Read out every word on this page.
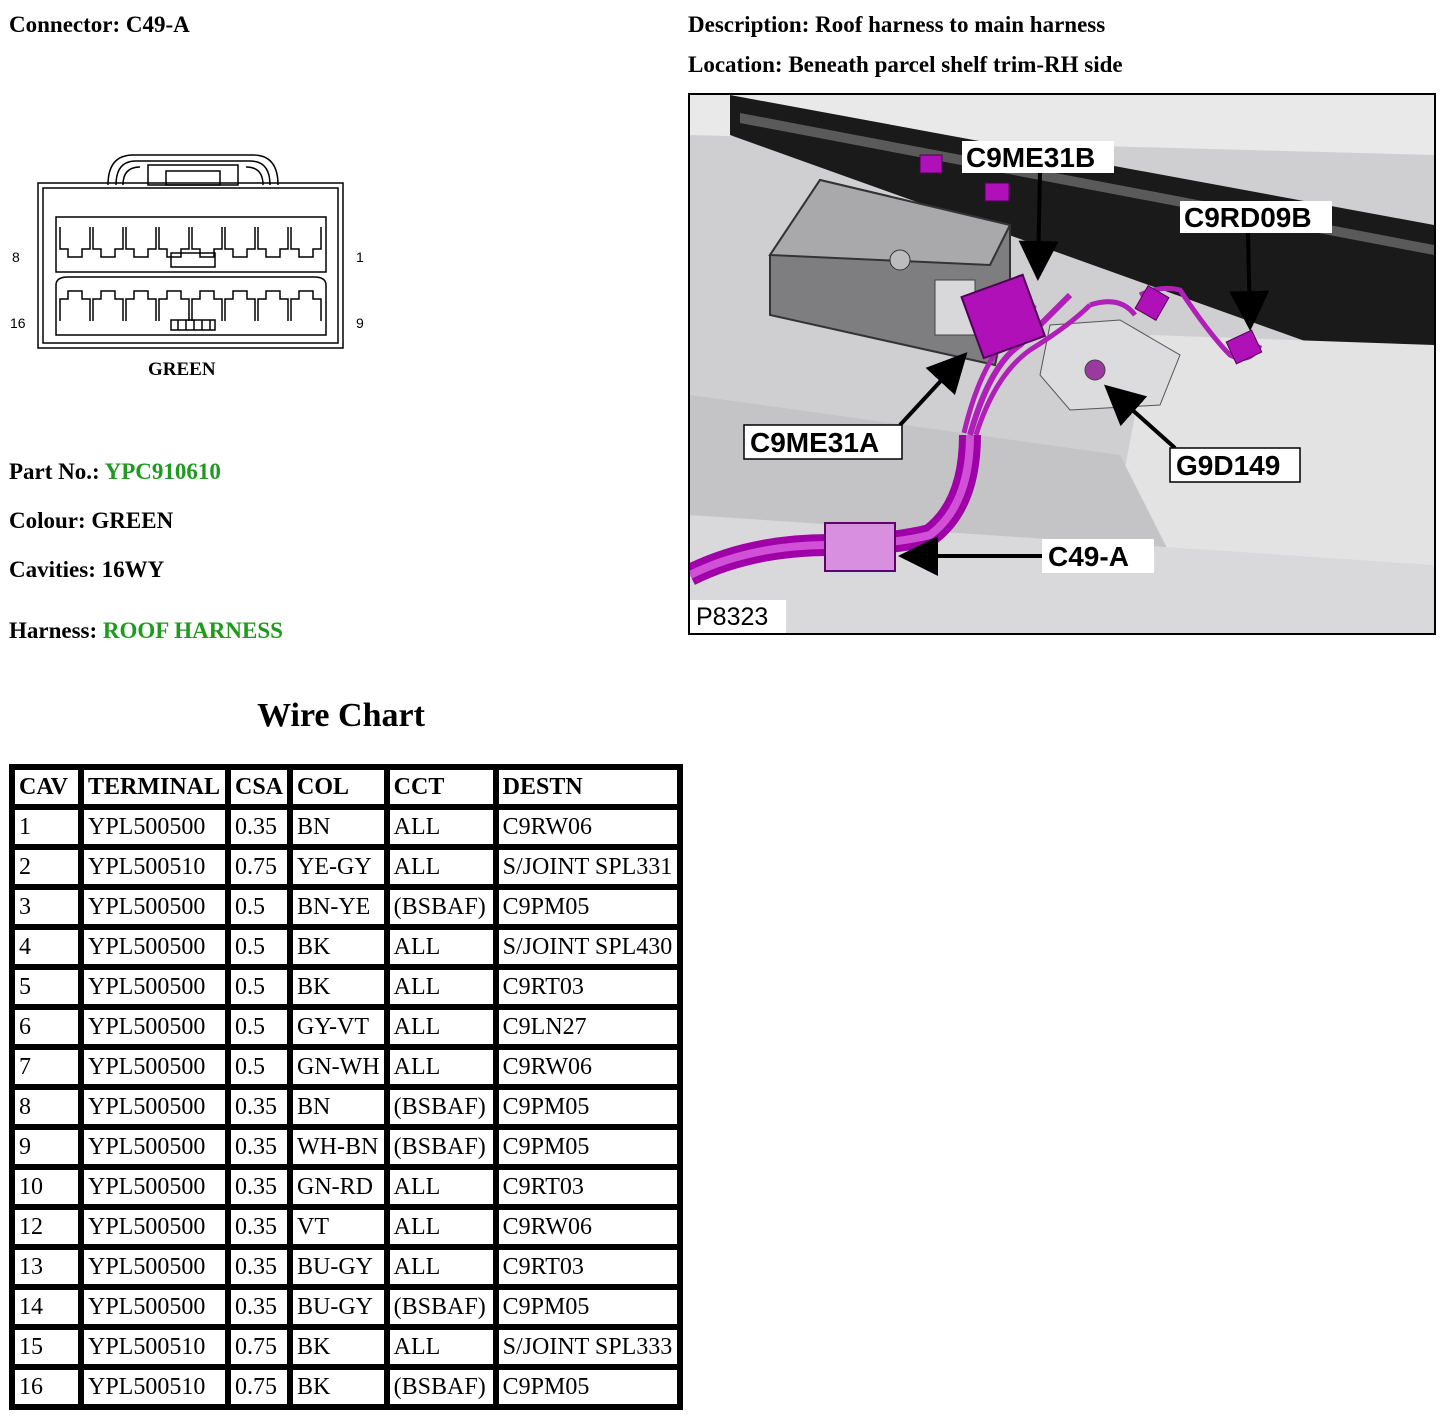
Connector: C49-A	Description: Roof harness to main harness
Location: Beneath parcel shelf trim-RH side
8	1
16	9
GREEN
Part No.: YPC910610
Colour: GREEN
Cavities: 16WY
Harness: ROOF HARNESS
C9ME31B
C9RD09B
C9ME31A
G9D149
C49-A
P8323
Wire Chart
CAV	TERMINAL	CSA	COL	CCT	DESTN
1	YPL500500	0.35	BN	ALL	C9RW06
2	YPL500510	0.75	YE-GY	ALL	S/JOINT SPL331
3	YPL500500	0.5	BN-YE	(BSBAF)	C9PM05
4	YPL500500	0.5	BK	ALL	S/JOINT SPL430
5	YPL500500	0.5	BK	ALL	C9RT03
6	YPL500500	0.5	GY-VT	ALL	C9LN27
7	YPL500500	0.5	GN-WH	ALL	C9RW06
8	YPL500500	0.35	BN	(BSBAF)	C9PM05
9	YPL500500	0.35	WH-BN	(BSBAF)	C9PM05
10	YPL500500	0.35	GN-RD	ALL	C9RT03
12	YPL500500	0.35	VT	ALL	C9RW06
13	YPL500500	0.35	BU-GY	ALL	C9RT03
14	YPL500500	0.35	BU-GY	(BSBAF)	C9PM05
15	YPL500510	0.75	BK	ALL	S/JOINT SPL333
16	YPL500510	0.75	BK	(BSBAF)	C9PM05
